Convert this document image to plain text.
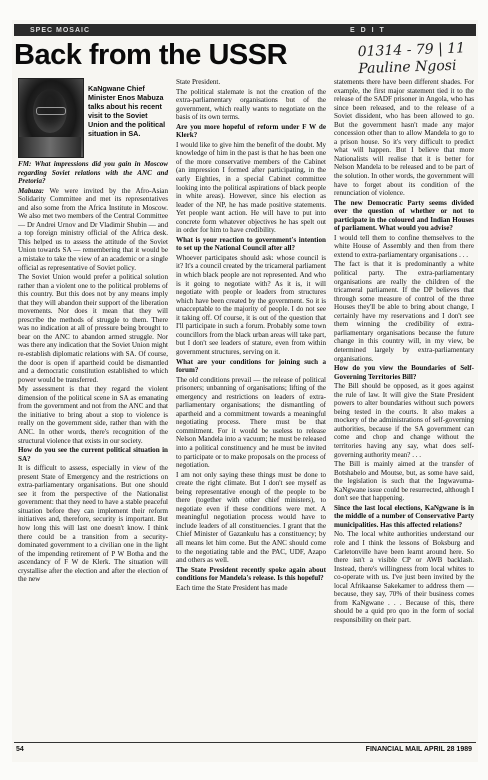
SPEC MOSAIC	E D I T
Back from the USSR	01314 - 79 | 11
Pauline Ngosi
KaNgwane Chief Minister Enos Mabuza talks about his recent visit to the Soviet Union and the political situation in SA.

FM: What impressions did you gain in Moscow regarding Soviet relations with the ANC and Pretoria?

Mabuza: We were invited by the Afro-Asian Solidarity Committee and met its representatives and also some from the Africa Institute in Moscow. We also met two members of the Central Committee — Dr Andrei Urnov and Dr Vladimir Shubin — and a top foreign ministry official of the Africa desk. This helped us to assess the attitude of the Soviet Union towards SA — remembering that it would be a mistake to take the view of an academic or a single official as representative of Soviet policy.

The Soviet Union would prefer a political solution rather than a violent one to the political problems of this country. But this does not by any means imply that they will abandon their support of the liberation movements. Nor does it mean that they will prescribe the methods of struggle to them. There was no indication at all of pressure being brought to bear on the ANC to abandon armed struggle. Nor was there any indication that the Soviet Union might re-establish diplomatic relations with SA. Of course, the door is open if apartheid could be dismantled and a democratic constitution established to which power would be transferred.

My assessment is that they regard the violent dimension of the political scene in SA as emanating from the government and not from the ANC and that the initiative to bring about a stop to violence is really on the government side, rather than with the ANC. In other words, there's recognition of the structural violence that exists in our society.

How do you see the current political situation in SA?

It is difficult to assess, especially in view of the present State of Emergency and the restrictions on extra-parliamentary organisations. But one should see it from the perspective of the Nationalist government: that they need to have a stable peaceful situation before they can implement their reform initiatives and, therefore, security is important. But how long this will last one doesn't know. I think there could be a transition from a security-dominated government to a civilian one in the light of the impending retirement of P W Botha and the ascendancy of F W de Klerk. The situation will crystallise after the election and after the election of the new

State President.

The political stalemate is not the creation of the extra-parliamentary organisations but of the government, which really wants to negotiate on the basis of its own terms.

Are you more hopeful of reform under F W de Klerk?

I would like to give him the benefit of the doubt. My knowledge of him in the past is that he has been one of the more conservative members of the Cabinet (an impression I formed after participating, in the early Eighties, in a special Cabinet committee looking into the political aspirations of black people in white areas). However, since his election as leader of the NP, he has made positive statements. Yet people want action. He will have to put into concrete form whatever objectives he has spelt out in order for him to have credibility.

What is your reaction to government's intention to set up the National Council after all?

Whoever participates should ask: whose council is it? It's a council created by the tricameral parliament in which black people are not represented. And who is it going to negotiate with? As it is, it will negotiate with people or leaders from structures which have been created by the government. So it is unacceptable to the majority of people. I do not see it taking off. Of course, it is out of the question that I'll participate in such a forum. Probably some town councillors from the black urban areas will take part, but I don't see leaders of stature, even from within government structures, serving on it.

What are your conditions for joining such a forum?

The old conditions prevail — the release of political prisoners; unbanning of organisations; lifting of the emergency and restrictions on leaders of extra-parliamentary organisations; the dismantling of apartheid and a commitment towards a meaningful negotiating process. There must be that commitment. For it would be useless to release Nelson Mandela into a vacuum; he must be released into a political constituency and he must be invited to participate or to make proposals on the process of negotiation.

I am not only saying these things must be done to create the right climate. But I don't see myself as being representative enough of the people to be there (together with other chief ministers), to negotiate even if these conditions were met. A meaningful negotiation process would have to include leaders of all constituencies. I grant that the Chief Minister of Gazankulu has a constituency; by all means let him come. But the ANC should come to the negotiating table and the PAC, UDF, Azapo and others as well.

The State President recently spoke again about conditions for Mandela's release. Is this hopeful?

Each time the State President has made

statements there have been different shades. For example, the first major statement tied it to the release of the SADF prisoner in Angola, who has since been released, and to the release of a Soviet dissident, who has been allowed to go. But the government hasn't made any major concession other than to allow Mandela to go to a prison house. So it's very difficult to predict what will happen. But I believe that more Nationalists will realise that it is better for Nelson Mandela to be released and to be part of the solution. In other words, the government will have to forget about its condition of the renunciation of violence.

The new Democratic Party seems divided over the question of whether or not to participate in the coloured and Indian Houses of parliament. What would you advise?

I would tell them to confine themselves to the white House of Assembly and then from there extend to extra-parliamentary organisations . . .

The fact is that it is predominantly a white political party. The extra-parliamentary organisations are really the children of the tricameral parliament. If the DP believes that through some measure of control of the three Houses they'll be able to bring about change, I certainly have my reservations and I don't see them winning the credibility of extra-parliamentary organisations because the future change in this country will, in my view, be determined largely by extra-parliamentary organisations.

How do you view the Boundaries of Self-Governing Territories Bill?

The Bill should be opposed, as it goes against the rule of law. It will give the State President powers to alter boundaries without such powers being tested in the courts. It also makes a mockery of the administrations of self-governing authorities, because if the SA government can come and chop and change without the territories having any say, what does self-governing authority mean? . . .

The Bill is mainly aimed at the transfer of Botshabelo and Moutse, but, as some have said, the legislation is such that the Ingwavuma-KaNgwane issue could be resurrected, although I don't see that happening.

Since the last local elections, KaNgwane is in the middle of a number of Conservative Party municipalities. Has this affected relations?

No. The local white authorities understand our role and I think the lessons of Boksburg and Carletonville have been learnt around here. So there isn't a visible CP or AWB backlash. Instead, there's willingness from local whites to co-operate with us. I've just been invited by the local Afrikaanse Sakekamer to address them — because, they say, 70% of their business comes from KaNgwane . . . Because of this, there should be a quid pro quo in the form of social responsibility on their part.

54	FINANCIAL MAIL APRIL 28 1989
